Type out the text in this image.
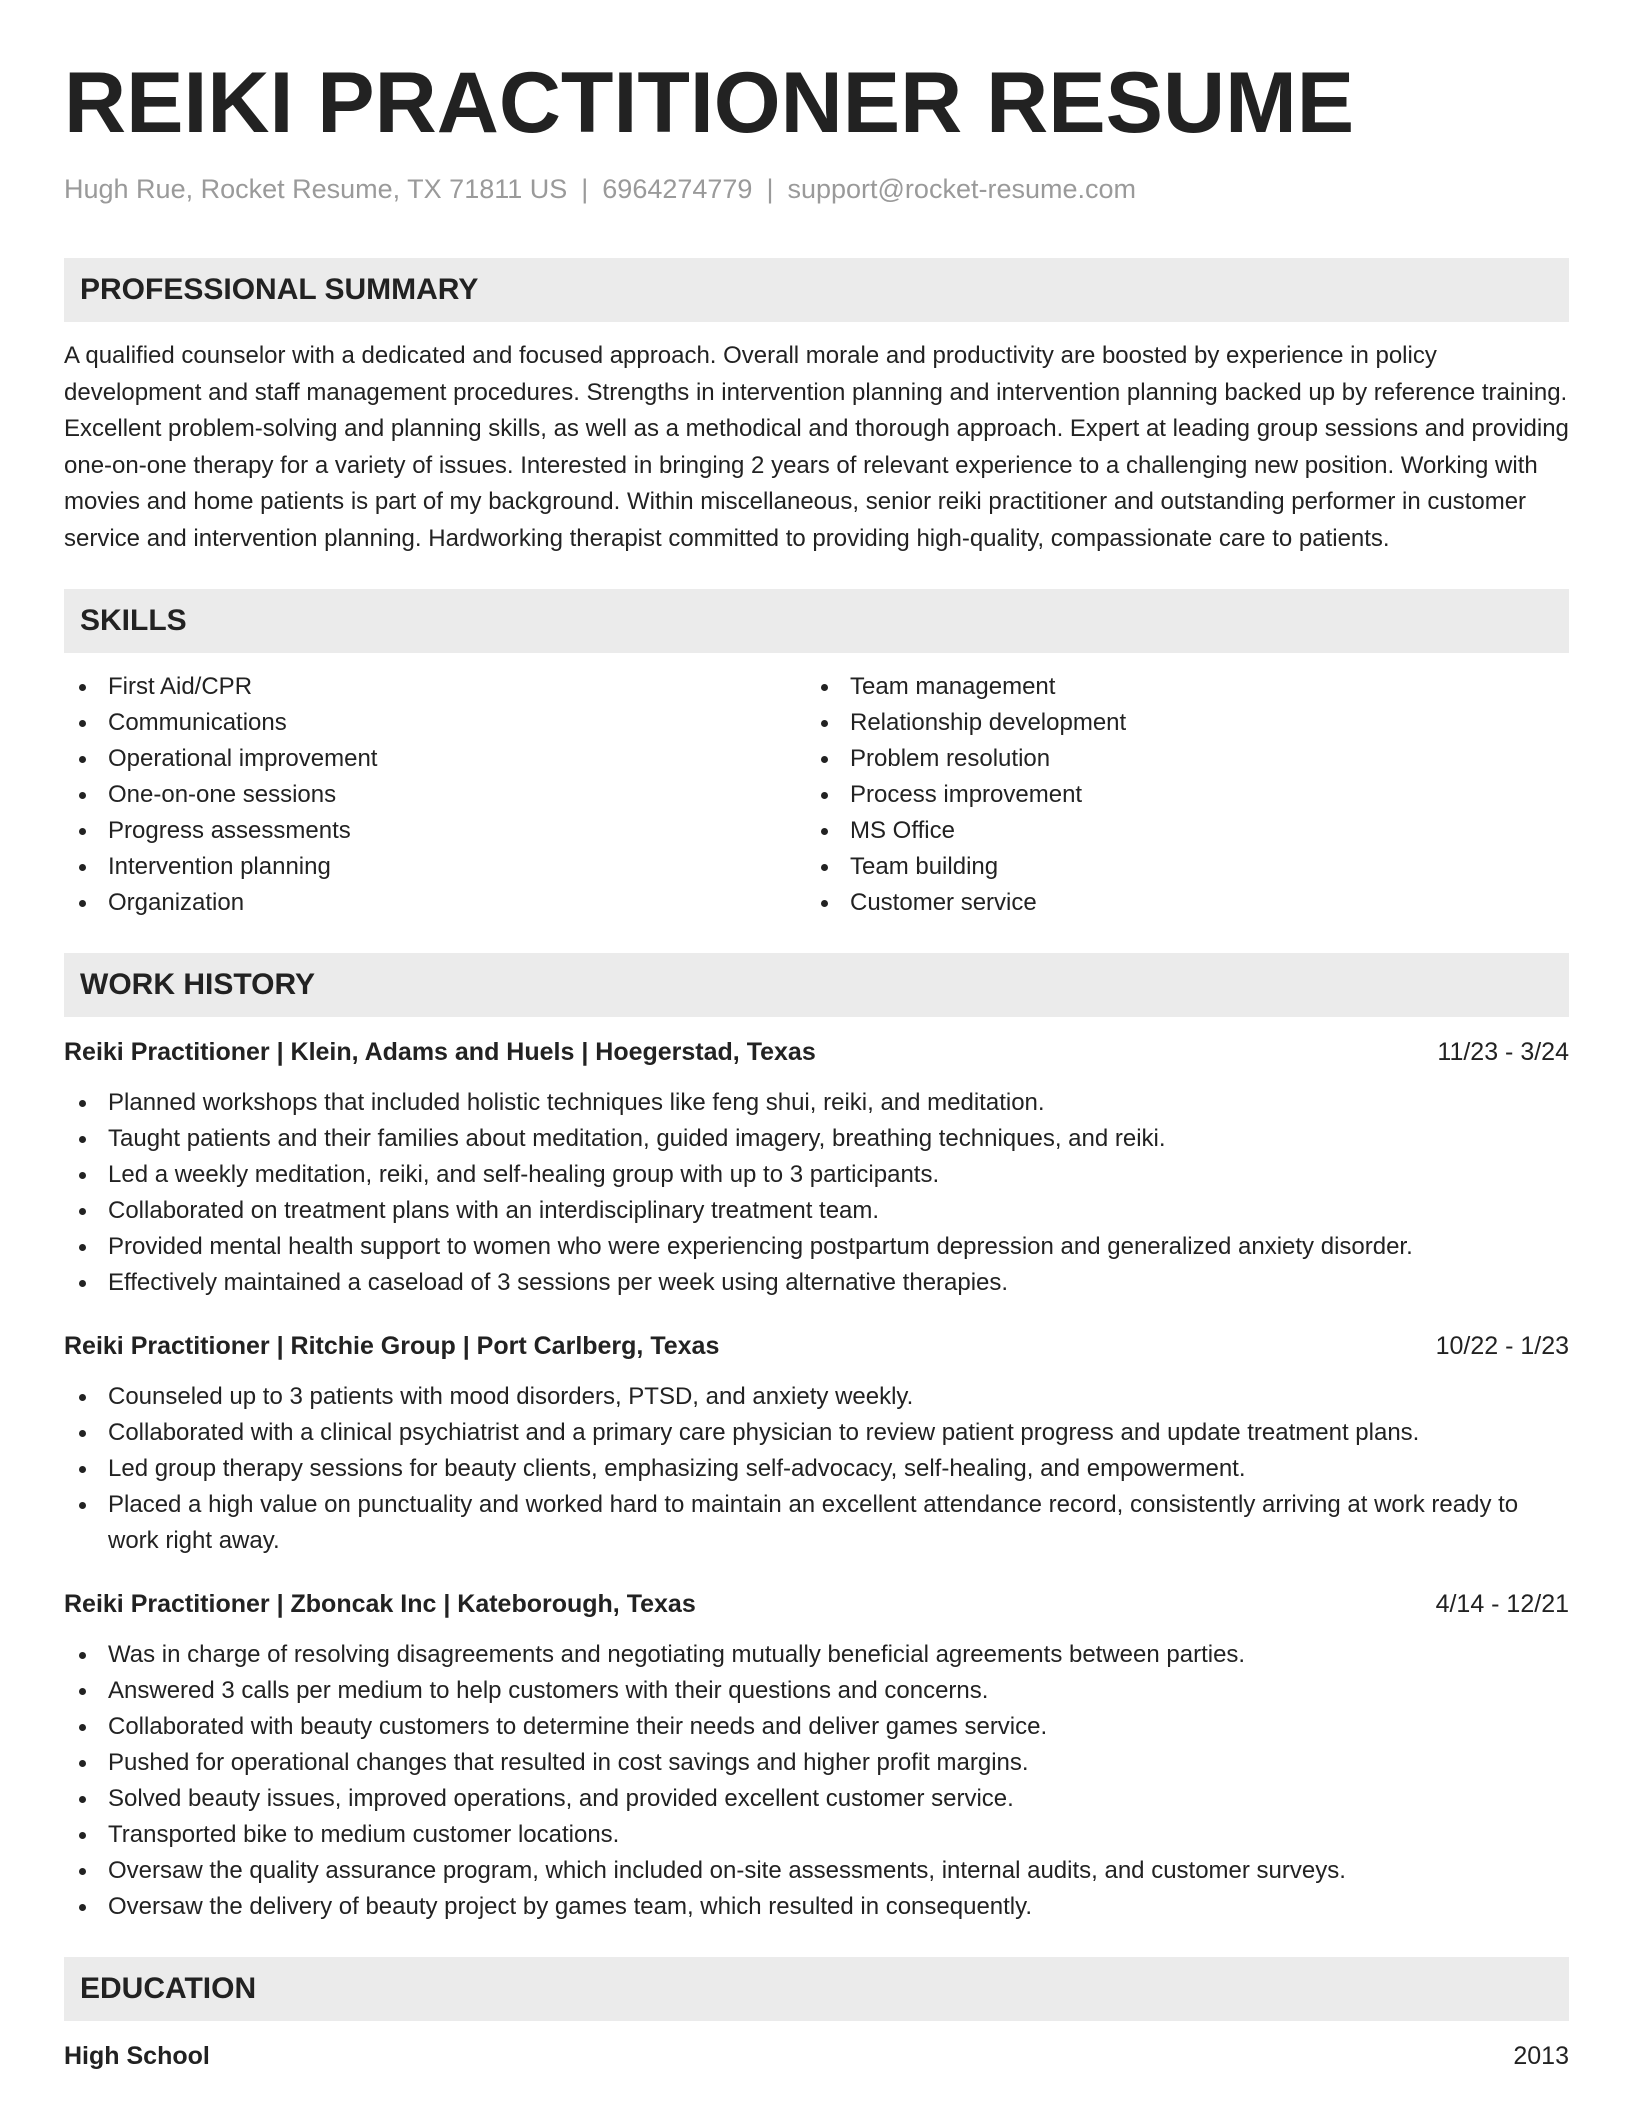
REIKI PRACTITIONER RESUME
Hugh Rue, Rocket Resume, TX 71811 US | 6964274779 | support@rocket-resume.com
PROFESSIONAL SUMMARY

A qualified counselor with a dedicated and focused approach. Overall morale and productivity are boosted by experience in policy development and staff management procedures. Strengths in intervention planning and intervention planning backed up by reference training. Excellent problem-solving and planning skills, as well as a methodical and thorough approach. Expert at leading group sessions and providing one-on-one therapy for a variety of issues. Interested in bringing 2 years of relevant experience to a challenging new position. Working with movies and home patients is part of my background. Within miscellaneous, senior reiki practitioner and outstanding performer in customer service and intervention planning. Hardworking therapist committed to providing high-quality, compassionate care to patients.

SKILLS
First Aid/CPR
Communications
Operational improvement
One-on-one sessions
Progress assessments
Intervention planning
Organization
Team management
Relationship development
Problem resolution
Process improvement
MS Office
Team building
Customer service
WORK HISTORY
Reiki Practitioner | Klein, Adams and Huels | Hoegerstad, Texas	11/23 - 3/24
Planned workshops that included holistic techniques like feng shui, reiki, and meditation.
Taught patients and their families about meditation, guided imagery, breathing techniques, and reiki.
Led a weekly meditation, reiki, and self-healing group with up to 3 participants.
Collaborated on treatment plans with an interdisciplinary treatment team.
Provided mental health support to women who were experiencing postpartum depression and generalized anxiety disorder.
Effectively maintained a caseload of 3 sessions per week using alternative therapies.
Reiki Practitioner | Ritchie Group | Port Carlberg, Texas	10/22 - 1/23
Counseled up to 3 patients with mood disorders, PTSD, and anxiety weekly.
Collaborated with a clinical psychiatrist and a primary care physician to review patient progress and update treatment plans.
Led group therapy sessions for beauty clients, emphasizing self-advocacy, self-healing, and empowerment.
Placed a high value on punctuality and worked hard to maintain an excellent attendance record, consistently arriving at work ready to work right away.
Reiki Practitioner | Zboncak Inc | Kateborough, Texas	4/14 - 12/21
Was in charge of resolving disagreements and negotiating mutually beneficial agreements between parties.
Answered 3 calls per medium to help customers with their questions and concerns.
Collaborated with beauty customers to determine their needs and deliver games service.
Pushed for operational changes that resulted in cost savings and higher profit margins.
Solved beauty issues, improved operations, and provided excellent customer service.
Transported bike to medium customer locations.
Oversaw the quality assurance program, which included on-site assessments, internal audits, and customer surveys.
Oversaw the delivery of beauty project by games team, which resulted in consequently.
EDUCATION
High School	2013
